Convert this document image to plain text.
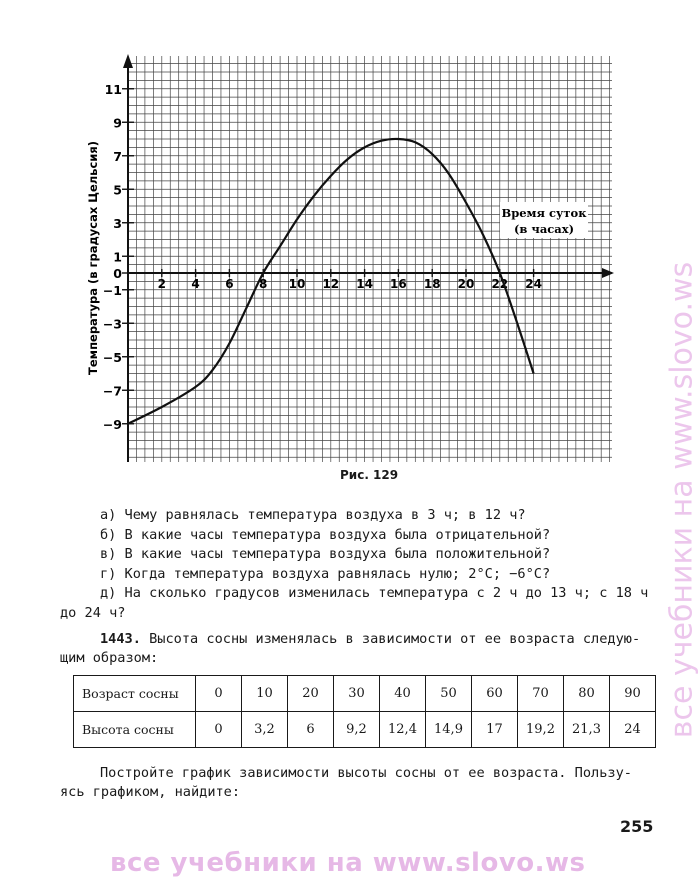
11
9
7
5
3
1
0
−1
−3
−5
−7
−9
2 4 6 8 10 12 14 16 18 20 22 24
Температура (в градусах Цельсия)	Время суток
(в часах)
Рис. 129
а) Чему равнялась температура воздуха в 3 ч; в 12 ч?
б) В какие часы температура воздуха была отрицательной?
в) В какие часы температура воздуха была положительной?
г) Когда температура воздуха равнялась нулю; 2°С; −6°С?
д) На сколько градусов изменилась температура с 2 ч до 13 ч; с 18 ч
до 24 ч?
1443. Высота сосны изменялась в зависимости от ее возраста следую-
щим образом:
Возраст сосны	0	10	20	30	40	50	60	70	80	90
Высота сосны	0	3,2	6	9,2	12,4	14,9	17	19,2	21,3	24
Постройте график зависимости высоты сосны от ее возраста. Пользу-
ясь графиком, найдите:
255
все учебники на www.slovo.ws
все учебники на www.slovo.ws
